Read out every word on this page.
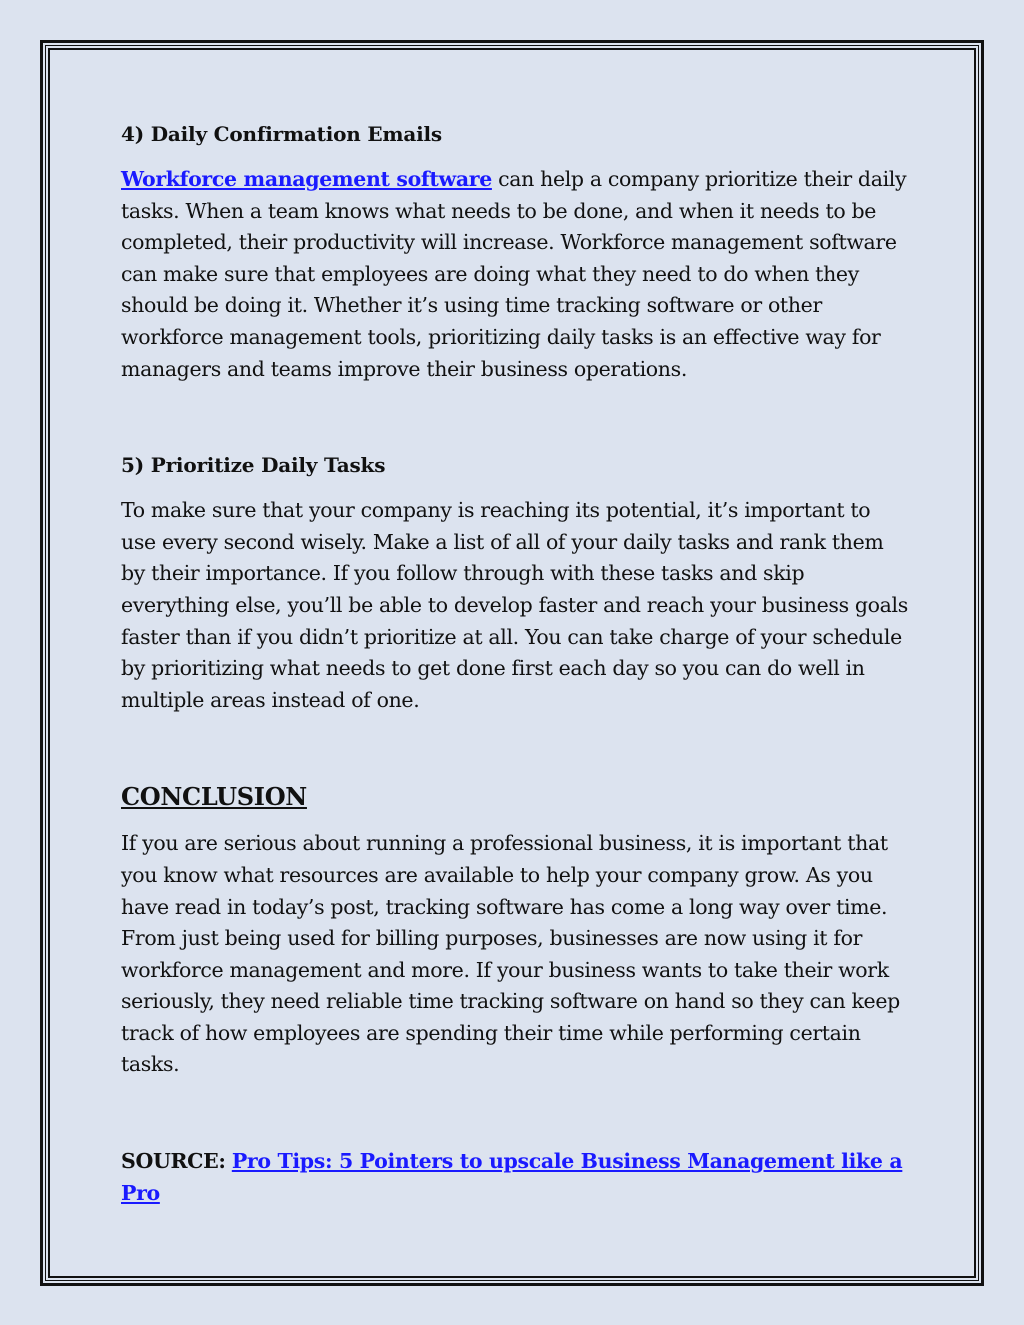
4) Daily Confirmation Emails

Workforce management software can help a company prioritize their daily tasks. When a team knows what needs to be done, and when it needs to be completed, their productivity will increase. Workforce management software can make sure that employees are doing what they need to do when they should be doing it. Whether it’s using time tracking software or other workforce management tools, prioritizing daily tasks is an effective way for managers and teams improve their business operations.

5) Prioritize Daily Tasks

To make sure that your company is reaching its potential, it’s important to use every second wisely. Make a list of all of your daily tasks and rank them by their importance. If you follow through with these tasks and skip everything else, you’ll be able to develop faster and reach your business goals faster than if you didn’t prioritize at all. You can take charge of your schedule by prioritizing what needs to get done first each day so you can do well in multiple areas instead of one.

CONCLUSION

If you are serious about running a professional business, it is important that you know what resources are available to help your company grow. As you have read in today’s post, tracking software has come a long way over time. From just being used for billing purposes, businesses are now using it for workforce management and more. If your business wants to take their work seriously, they need reliable time tracking software on hand so they can keep track of how employees are spending their time while performing certain tasks.

SOURCE: Pro Tips: 5 Pointers to upscale Business Management like a Pro
